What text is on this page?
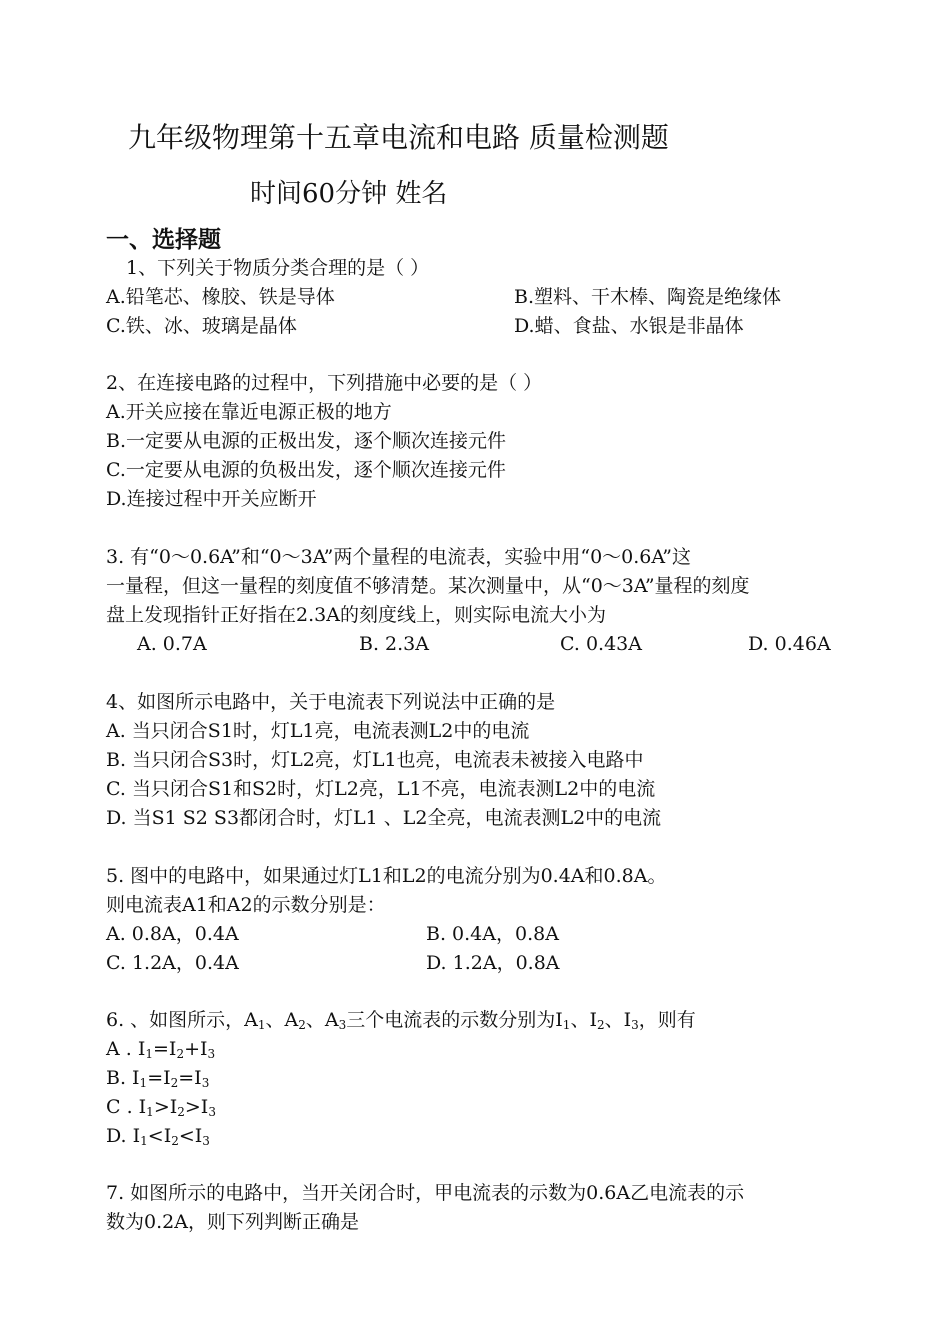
九年级物理第十五章电流和电路 质量检测题
时间60分钟 姓名
一、选择题
1、下列关于物质分类合理的是（ ）
A.铅笔芯、橡胶、铁是导体	B.塑料、干木棒、陶瓷是绝缘体
C.铁、冰、玻璃是晶体	D.蜡、食盐、水银是非晶体
2、在连接电路的过程中，下列措施中必要的是（ ）
A.开关应接在靠近电源正极的地方
B.一定要从电源的正极出发，逐个顺次连接元件
C.一定要从电源的负极出发，逐个顺次连接元件
D.连接过程中开关应断开
3. 有“0～0.6A”和“0～3A”两个量程的电流表，实验中用“0～0.6A”这
一量程，但这一量程的刻度值不够清楚。某次测量中，从“0～3A”量程的刻度
盘上发现指针正好指在2.3A的刻度线上，则实际电流大小为
A. 0.7A	B. 2.3A	C. 0.43A	D. 0.46A
4、如图所示电路中，关于电流表下列说法中正确的是
A. 当只闭合S1时，灯L1亮，电流表测L2中的电流
B. 当只闭合S3时，灯L2亮，灯L1也亮，电流表未被接入电路中
C. 当只闭合S1和S2时，灯L2亮，L1不亮，电流表测L2中的电流
D. 当S1 S2 S3都闭合时，灯L1 、L2全亮，电流表测L2中的电流
5. 图中的电路中，如果通过灯L1和L2的电流分别为0.4A和0.8A。
则电流表A1和A2的示数分别是：
A. 0.8A，0.4A	B. 0.4A，0.8A
C. 1.2A，0.4A	D. 1.2A，0.8A
6. 、如图所示，$A_1$、$A_2$、$A_3$三个电流表的示数分别为$I_1$、$I_2$、$I_3$，则有
A . $I_1=I_2+I_3$
B. $I_1=I_2=I_3$
C . $I_1>I_2>I_3$
D. $I_1<I_2<I_3$
7. 如图所示的电路中，当开关闭合时，甲电流表的示数为0.6A乙电流表的示
数为0.2A，则下列判断正确是
